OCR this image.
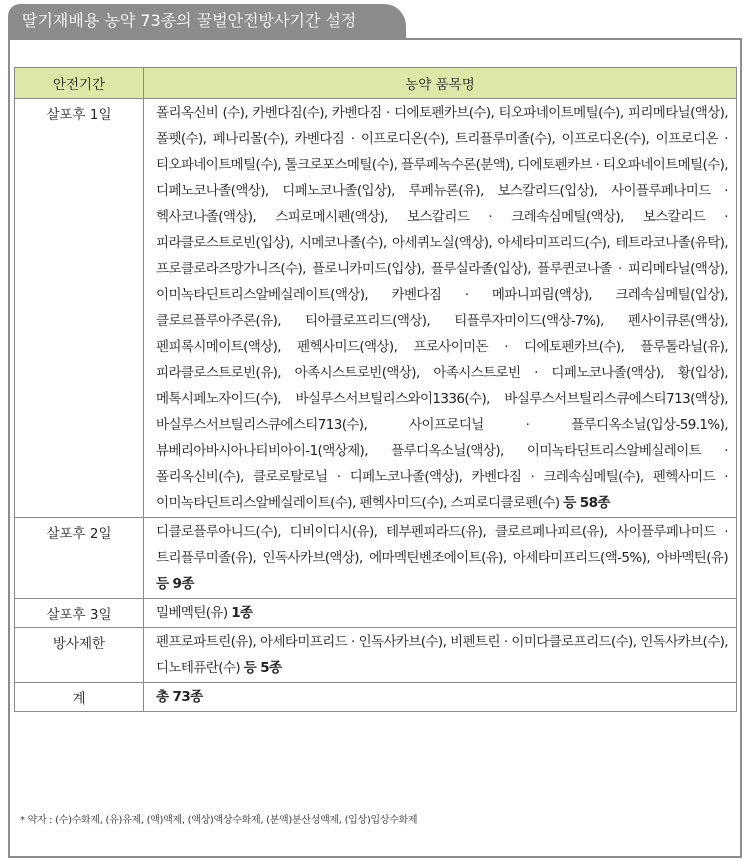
딸기재배용 농약 73종의 꿀벌안전방사기간 설정
안전기간	농약 품목명
살포후 1일	폴리옥신비 (수), 카벤다짐(수), 카벤다짐 · 디에토펜카브(수), 티오파네이트메틸(수), 피리메타닐(액상), 폴펫(수), 페나리몰(수), 카벤다짐 · 이프로디온(수), 트리플루미졸(수), 이프로디온(수), 이프로디온 · 티오파네이트메틸(수), 톨크로포스메틸(수), 플루페녹수론(분액), 디에토펜카브 · 티오파네이트메틸(수), 디페노코나졸(액상), 디페노코나졸(입상), 루페뉴론(유), 보스칼리드(입상), 사이플루페나미드 · 헥사코나졸(액상), 스피로메시펜(액상), 보스칼리드 · 크레속심메틸(액상), 보스칼리드 · 피라클로스트로빈(입상), 시메코나졸(수), 아세퀴노실(액상), 아세타미프리드(수), 테트라코나졸(유탁), 프로클로라즈망가니즈(수), 플로니카미드(입상), 플루실라졸(입상), 플루퀸코나졸 · 피리메타닐(액상), 이미녹타딘트리스알베실레이트(액상), 카벤다짐 · 메파니피림(액상), 크레속심메틸(입상), 클로르플루아주론(유), 티아클로프리드(액상), 티플루자미이드(액상-7%), 펜사이큐론(액상), 펜피록시메이트(액상), 펜헥사미드(액상), 프로사이미돈 · 디에토펜카브(수), 플루톨라닐(유), 피라클로스트로빈(유), 아족시스트로빈(액상), 아족시스트로빈 · 디페노코나졸(액상), 황(입상), 메톡시페노자이드(수), 바실루스서브틸리스와이1336(수), 바실루스서브틸리스큐에스티713(액상), 바실루스서브틸리스큐에스티713(수), 사이프로디닐 · 플루디옥소닐(입상-59.1%), 뷰베리아바시아나티비아이-1(액상제), 플루디옥소닐(액상), 이미녹타딘트리스알베실레이트 · 폴리옥신비(수), 클로로탈로닐 · 디페노코나졸(액상), 카벤다짐 · 크레속심메틸(수), 펜헥사미드 · 이미녹타딘트리스알베실레이트(수), 펜헥사미드(수), 스피로디클로펜(수) 등 58종
살포후 2일	디클로플루아니드(수), 디비이디시(유), 테부펜피라드(유), 클로르페나피르(유), 사이플루페나미드 · 트리플루미졸(유), 인독사카브(액상), 에마멕틴벤조에이트(유), 아세타미프리드(액-5%), 아바멕틴(유) 등 9종
살포후 3일	밀베멕틴(유) 1종
방사제한	펜프로파트린(유), 아세타미프리드 · 인독사카브(수), 비펜트린 · 이미다클로프리드(수), 인독사카브(수), 디노테퓨란(수) 등 5종
계	총 73종
* 약자 : (수)수화제, (유)유제, (액)액제, (액상)액상수화제, (분액)분산성액제, (입상)입상수화제
